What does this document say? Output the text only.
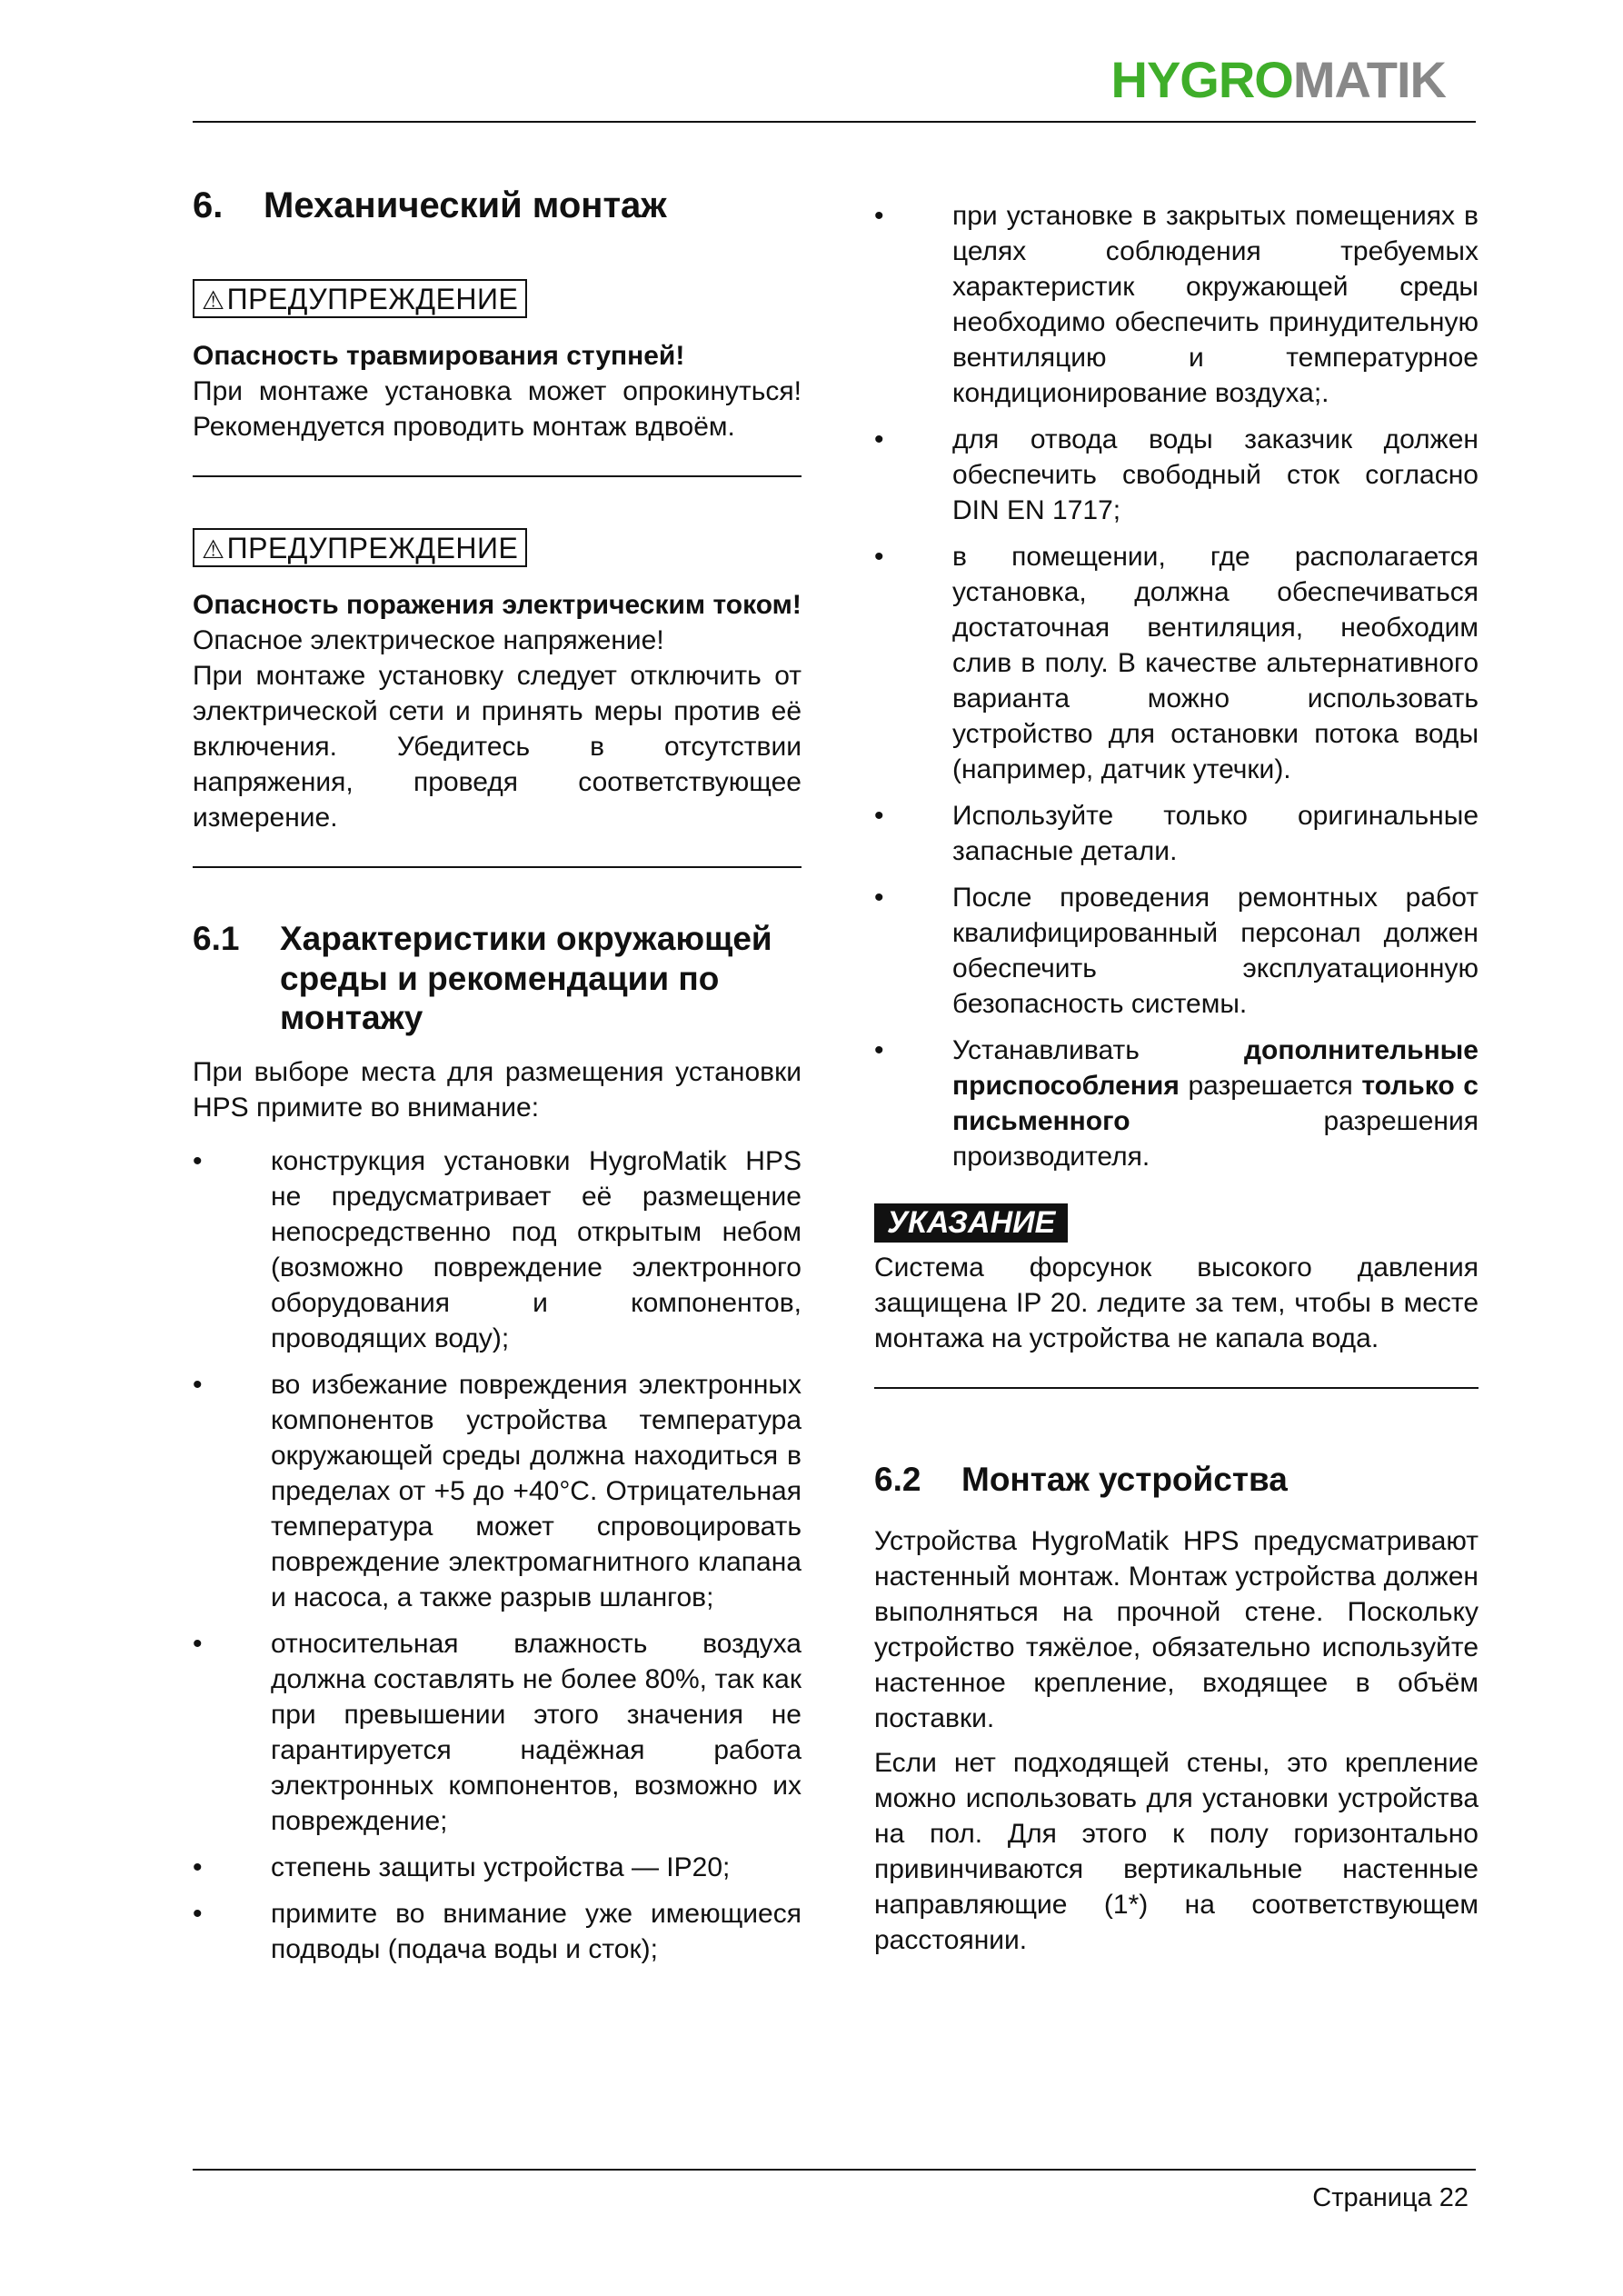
HYGROMATIK
6. Механический монтаж
⚠ПРЕДУПРЕЖДЕНИЕ

Опасность травмирования ступней!

При монтаже установка может опрокинуться! Рекомендуется проводить монтаж вдвоём.

⚠ПРЕДУПРЕЖДЕНИЕ

Опасность поражения электрическим током!

Опасное электрическое напряжение!

При монтаже установку следует отключить от электрической сети и принять меры против её включения. Убедитесь в отсутствии напряжения, проведя соответствующее измерение.

6.1	Характеристики окружающей среды и рекомендации по монтажу

При выборе места для размещения установки HPS примите во внимание:

•	конструкция установки HygroMatik HPS не предусматривает её размещение непосредственно под открытым небом (возможно повреждение электронного оборудования и компонентов, проводящих воду);
•	во избежание повреждения электронных компонентов устройства температура окружающей среды должна находиться в пределах от +5 до +40°C. Отрицательная температура может спровоцировать повреждение электромагнитного клапана и насоса, а также разрыв шлангов;
•	относительная влажность воздуха должна составлять не более 80%, так как при превышении этого значения не гарантируется надёжная работа электронных компонентов, возможно их повреждение;
•	степень защиты устройства — IP20;
•	примите во внимание уже имеющиеся подводы (подача воды и сток);
•	при установке в закрытых помещениях в целях соблюдения требуемых характеристик окружающей среды необходимо обеспечить принудительную вентиляцию и температурное кондиционирование воздуха;.
•	для отвода воды заказчик должен обеспечить свободный сток согласно DIN EN 1717;
•	в помещении, где располагается установка, должна обеспечиваться достаточная вентиляция, необходим слив в полу. В качестве альтернативного варианта можно использовать устройство для остановки потока воды (например, датчик утечки).
•	Используйте только оригинальные запасные детали.
•	После проведения ремонтных работ квалифицированный персонал должен обеспечить эксплуатационную безопасность системы.
•	Устанавливать дополнительные приспособления разрешается только с письменного разрешения производителя.
УКАЗАНИЕ

Система форсунок высокого давления защищена IP 20. ледите за тем, чтобы в месте монтажа на устройства не капала вода.

6.2	Монтаж устройства

Устройства HygroMatik HPS предусматривают настенный монтаж. Монтаж устройства должен выполняться на прочной стене. Поскольку устройство тяжёлое, обязательно используйте настенное крепление, входящее в объём поставки.

Если нет подходящей стены, это крепление можно использовать для установки устройства на пол. Для этого к полу горизонтально привинчиваются вертикальные настенные направляющие (1*) на соответствующем расстоянии.

Страница 22
